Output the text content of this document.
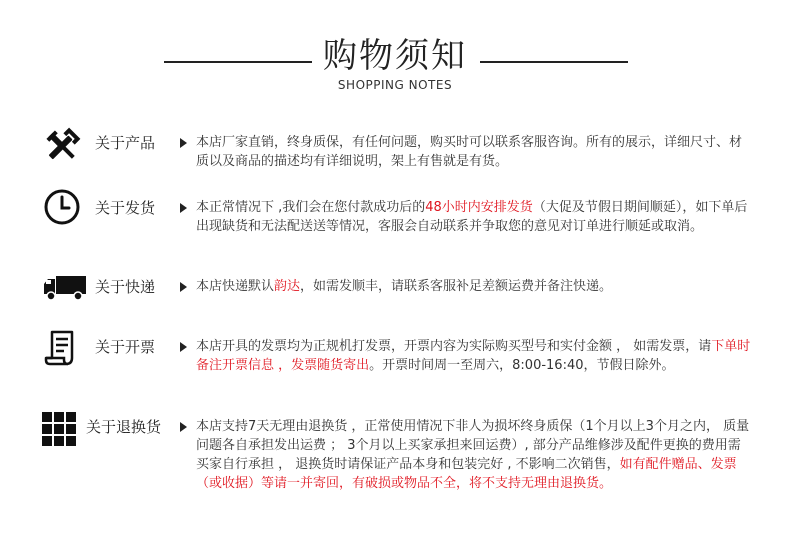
购物须知
SHOPPING NOTES
关于产品	本店厂家直销，终身质保，有任何问题，购买时可以联系客服咨询。所有的展示，详细尺寸、材质以及商品的描述均有详细说明，架上有售就是有货。
关于发货	本正常情况下 ,我们会在您付款成功后的48小时内安排发货（大促及节假日期间顺延），如下单后出现缺货和无法配送送等情况，客服会自动联系并争取您的意见对订单进行顺延或取消。
关于快递	本店快递默认韵达，如需发顺丰，请联系客服补足差额运费并备注快递。
关于开票	本店开具的发票均为正规机打发票，开票内容为实际购买型号和实付金额 ， 如需发票，请下单时备注开票信息 ，发票随货寄出。开票时间周一至周六，8:00-16:40，节假日除外。
关于退换货	本店支持7天无理由退换货 ，正常使用情况下非人为损坏终身质保（1个月以上3个月之内， 质量问题各自承担发出运费 ； 3个月以上买家承担来回运费）, 部分产品维修涉及配件更换的费用需买家自行承担 ， 退换货时请保证产品本身和包装完好 , 不影响二次销售，如有配件赠品、发票（或收据）等请一并寄回，有破损或物品不全，将不支持无理由退换货。
